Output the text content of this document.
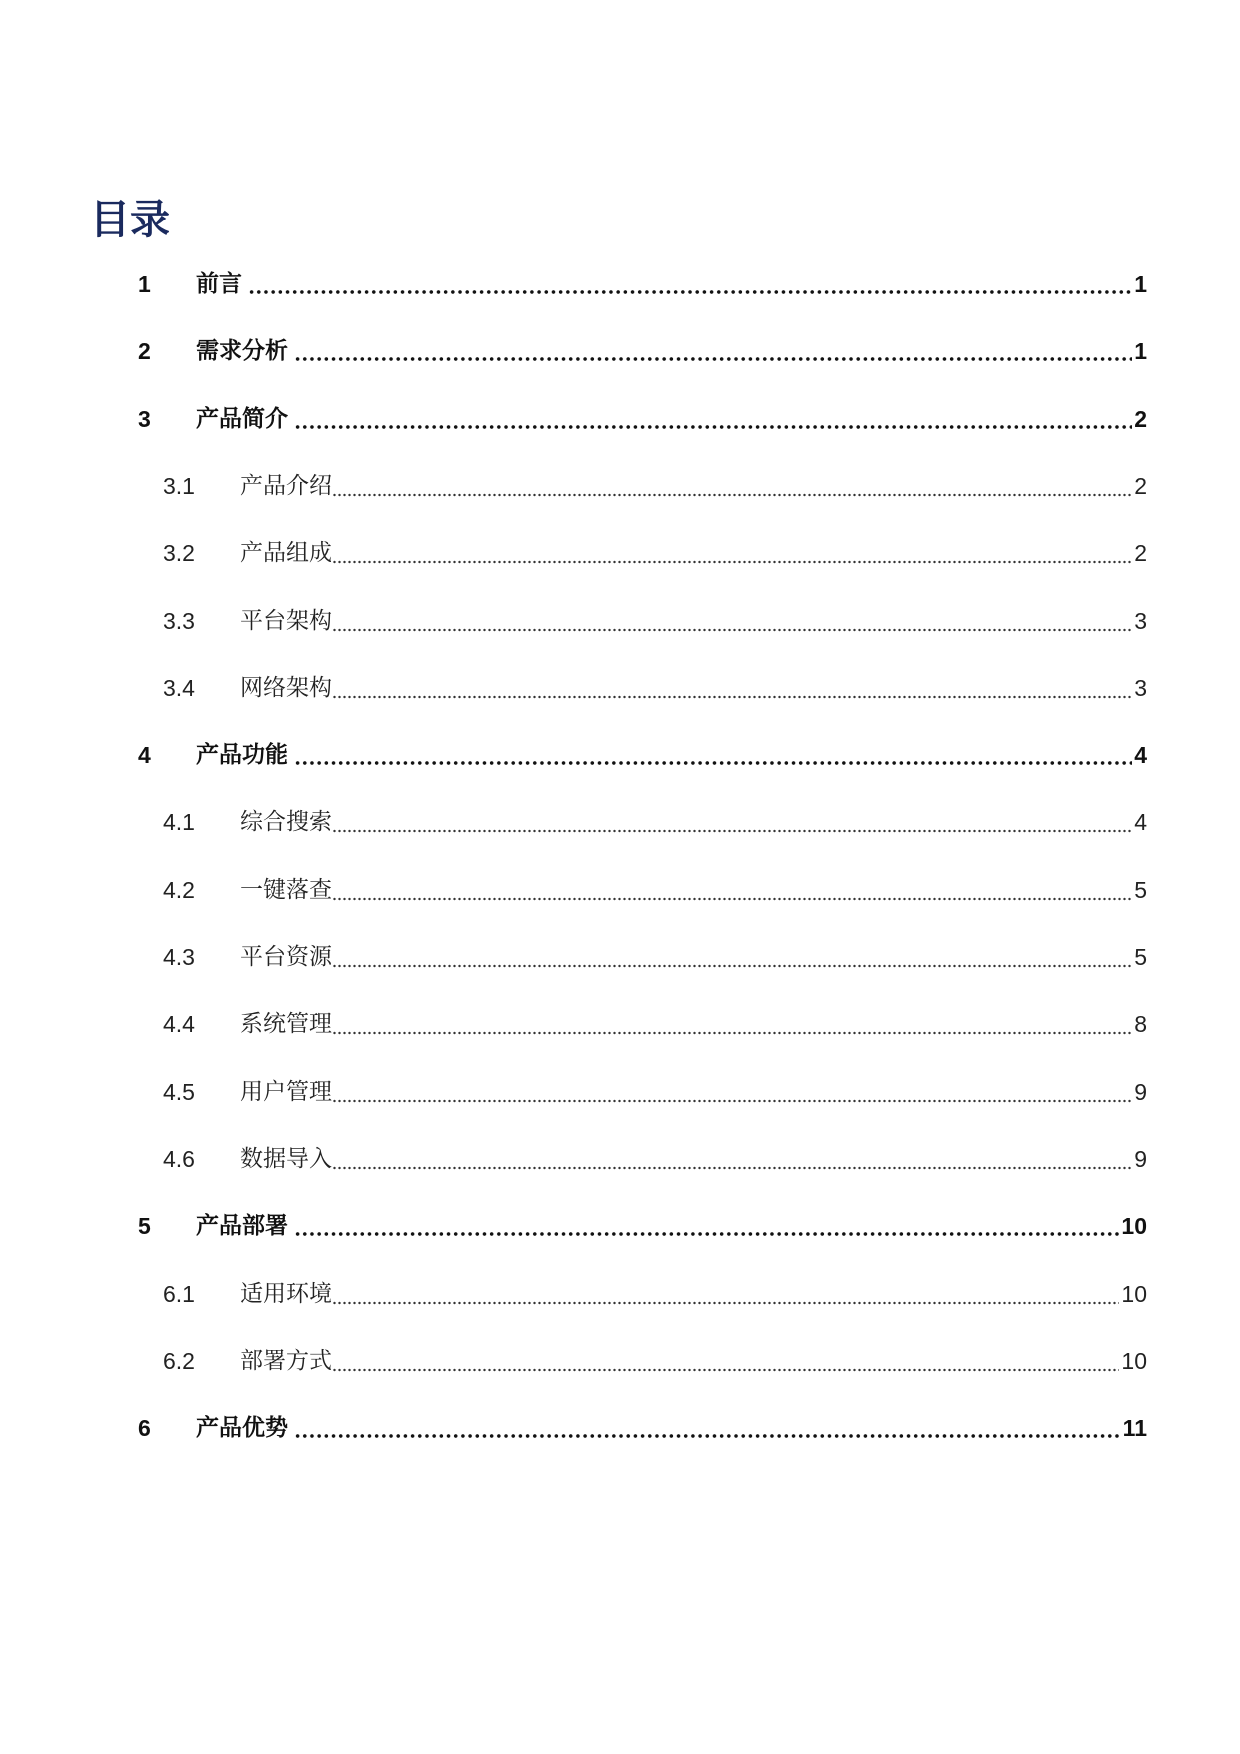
目录
1	前言	1
2	需求分析	1
3	产品简介	2
3.1	产品介绍	2
3.2	产品组成	2
3.3	平台架构	3
3.4	网络架构	3
4	产品功能	4
4.1	综合搜索	4
4.2	一键落查	5
4.3	平台资源	5
4.4	系统管理	8
4.5	用户管理	9
4.6	数据导入	9
5	产品部署	10
6.1	适用环境	10
6.2	部署方式	10
6	产品优势	11
